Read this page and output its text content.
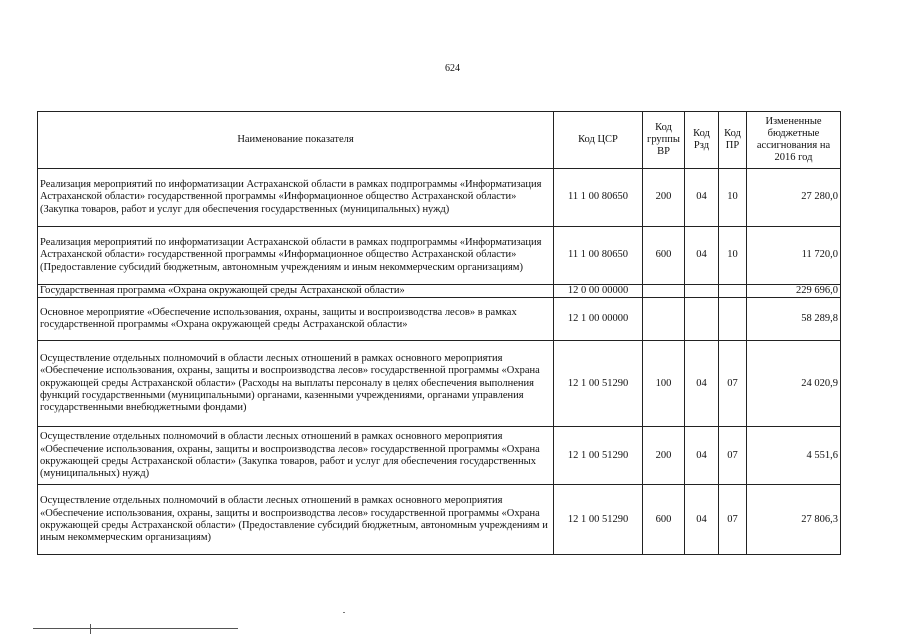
624
Наименование показателя	Код ЦСР	Код группы ВР	Код Рзд	Код ПР	Измененные бюджетные ассигнования на 2016 год
Реализация мероприятий по информатизации Астраханской области в рамках подпрограммы «Информатизация Астраханской области» государственной программы «Информационное общество Астраханской области» (Закупка товаров, работ и услуг для обеспечения государственных (муниципальных) нужд)	11 1 00 80650	200	04	10	27 280,0
Реализация мероприятий по информатизации Астраханской области в рамках подпрограммы «Информатизация Астраханской области» государственной программы «Информационное общество Астраханской области» (Предоставление субсидий бюджетным, автономным учреждениям и иным некоммерческим организациям)	11 1 00 80650	600	04	10	11 720,0
Государственная программа «Охрана окружающей среды Астраханской области»	12 0 00 00000				229 696,0
Основное мероприятие «Обеспечение использования, охраны, защиты и воспроизводства лесов» в рамках государственной программы «Охрана окружающей среды Астраханской области»	12 1 00 00000				58 289,8
Осуществление отдельных полномочий в области лесных отношений в рамках основного мероприятия «Обеспечение использования, охраны, защиты и воспроизводства лесов» государственной программы «Охрана окружающей среды Астраханской области» (Расходы на выплаты персоналу в целях обеспечения выполнения функций государственными (муниципальными) органами, казенными учреждениями, органами управления государственными внебюджетными фондами)	12 1 00 51290	100	04	07	24 020,9
Осуществление отдельных полномочий в области лесных отношений в рамках основного мероприятия «Обеспечение использования, охраны, защиты и воспроизводства лесов» государственной программы «Охрана окружающей среды Астраханской области» (Закупка товаров, работ и услуг для обеспечения государственных (муниципальных) нужд)	12 1 00 51290	200	04	07	4 551,6
Осуществление отдельных полномочий в области лесных отношений в рамках основного мероприятия «Обеспечение использования, охраны, защиты и воспроизводства лесов» государственной программы «Охрана окружающей среды Астраханской области» (Предоставление субсидий бюджетным, автономным учреждениям и иным некоммерческим организациям)	12 1 00 51290	600	04	07	27 806,3
